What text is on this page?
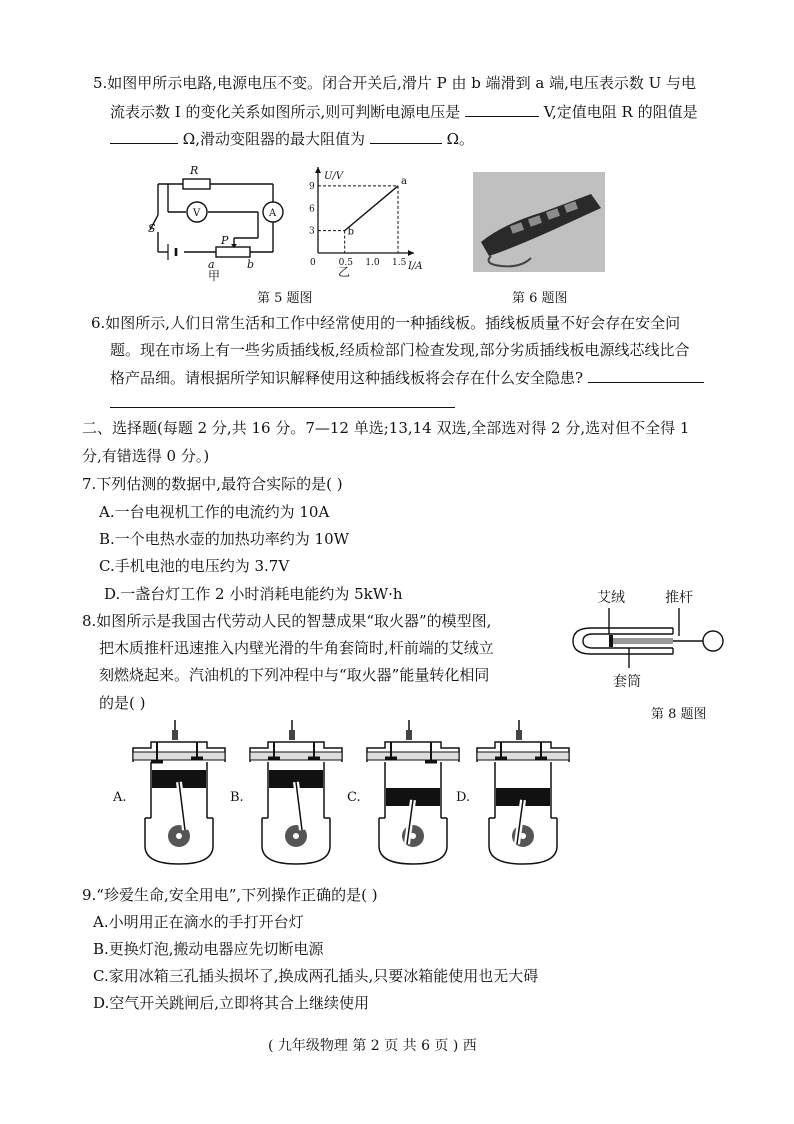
5.如图甲所示电路,电源电压不变。闭合开关后,滑片 P 由 b 端滑到 a 端,电压表示数 U 与电
流表示数 I 的变化关系如图所示,则可判断电源电压是	V,定值电阻 R 的阻值是
Ω,滑动变阻器的最大阻值为	Ω。
R
V	A
S
P
a	b
甲
U/V
I/A
0	0.5 1.0 1.5
3
6
9
b
a
乙
第 5 题图	第 6 题图
6.如图所示,人们日常生活和工作中经常使用的一种插线板。插线板质量不好会存在安全问
题。现在市场上有一些劣质插线板,经质检部门检查发现,部分劣质插线板电源线芯线比合
格产品细。请根据所学知识解释使用这种插线板将会存在什么安全隐患?
二、选择题(每题 2 分,共 16 分。7—12 单选;13,14 双选,全部选对得 2 分,选对但不全得 1
分,有错选得 0 分。)
7.下列估测的数据中,最符合实际的是( )
A.一台电视机工作的电流约为 10A
B.一个电热水壶的加热功率约为 10W
C.手机电池的电压约为 3.7V
D.一盏台灯工作 2 小时消耗电能约为 5kW·h
8.如图所示是我国古代劳动人民的智慧成果“取火器”的模型图,
把木质推杆迅速推入内壁光滑的牛角套筒时,杆前端的艾绒立
刻燃烧起来。汽油机的下列冲程中与“取火器”能量转化相同
的是( )
艾绒	推杆
套筒
第 8 题图
A.	B.	C.	D.
9.“珍爱生命,安全用电”,下列操作正确的是( )
A.小明用正在滴水的手打开台灯
B.更换灯泡,搬动电器应先切断电源
C.家用冰箱三孔插头损坏了,换成两孔插头,只要冰箱能使用也无大碍
D.空气开关跳闸后,立即将其合上继续使用
( 九年级物理 第 2 页 共 6 页 ) 西
